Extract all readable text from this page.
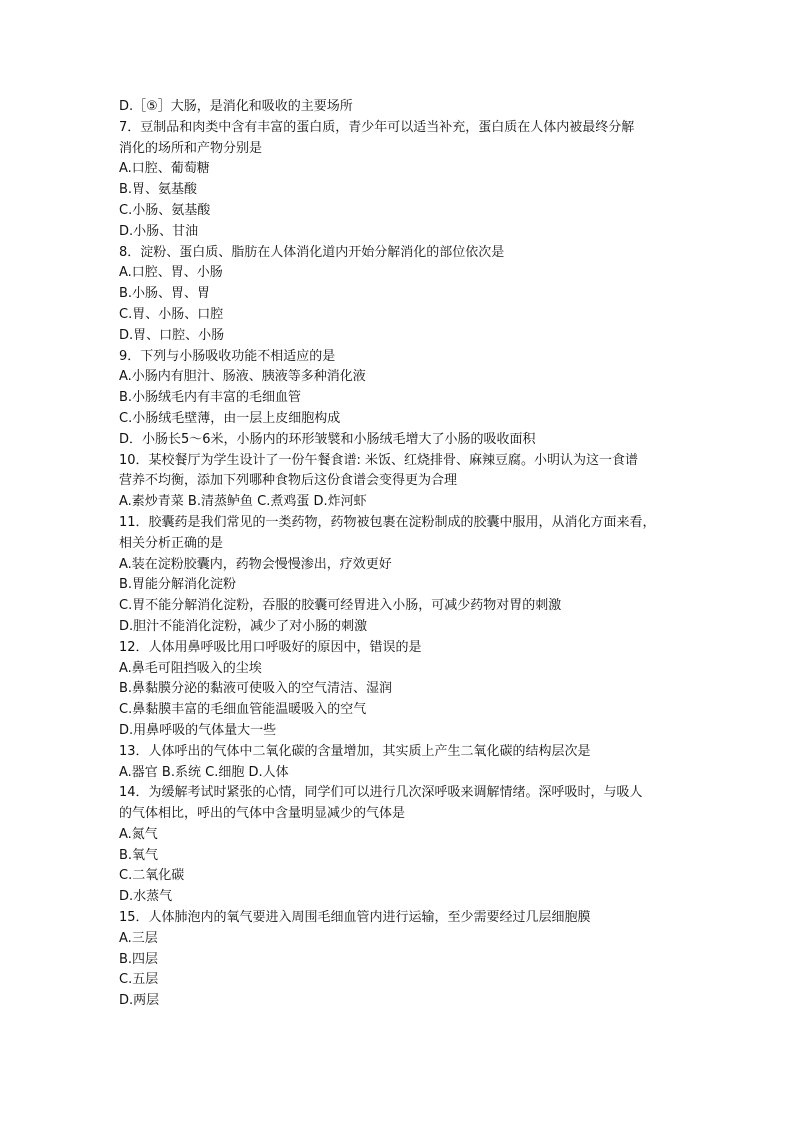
D.［⑤］大肠，是消化和吸收的主要场所
7．豆制品和肉类中含有丰富的蛋白质，青少年可以适当补充，蛋白质在人体内被最终分解
消化的场所和产物分别是
A.口腔、葡萄糖
B.胃、氨基酸
C.小肠、氨基酸
D.小肠、甘油
8．淀粉、蛋白质、脂肪在人体消化道内开始分解消化的部位依次是
A.口腔、胃、小肠
B.小肠、胃、胃
C.胃、小肠、口腔
D.胃、口腔、小肠
9．下列与小肠吸收功能不相适应的是
A.小肠内有胆汁、肠液、胰液等多种消化液
B.小肠绒毛内有丰富的毛细血管
C.小肠绒毛壁薄，由一层上皮细胞构成
D．小肠长5～6米，小肠内的环形皱襞和小肠绒毛增大了小肠的吸收面积
10．某校餐厅为学生设计了一份午餐食谱: 米饭、红烧排骨、麻辣豆腐。小明认为这一食谱
营养不均衡，添加下列哪种食物后这份食谱会变得更为合理
A.素炒青菜 B.清蒸鲈鱼 C.煮鸡蛋 D.炸河虾
11．胶囊药是我们常见的一类药物，药物被包裹在淀粉制成的胶囊中服用，从消化方面来看，
相关分析正确的是
A.装在淀粉胶囊内，药物会慢慢渗出，疗效更好
B.胃能分解消化淀粉
C.胃不能分解消化淀粉，吞服的胶囊可经胃进入小肠，可减少药物对胃的刺激
D.胆汁不能消化淀粉，减少了对小肠的刺激
12．人体用鼻呼吸比用口呼吸好的原因中，错误的是
A.鼻毛可阻挡吸入的尘埃
B.鼻黏膜分泌的黏液可使吸入的空气清洁、湿润
C.鼻黏膜丰富的毛细血管能温暖吸入的空气
D.用鼻呼吸的气体量大一些
13．人体呼出的气体中二氧化碳的含量增加，其实质上产生二氧化碳的结构层次是
A.器官 B.系统 C.细胞 D.人体
14．为缓解考试时紧张的心情，同学们可以进行几次深呼吸来调解情绪。深呼吸时，与吸人
的气体相比，呼出的气体中含量明显减少的气体是
A.氮气
B.氧气
C.二氧化碳
D.水蒸气
15．人体肺泡内的氧气要进入周围毛细血管内进行运输，至少需要经过几层细胞膜
A.三层
B.四层
C.五层
D.两层
